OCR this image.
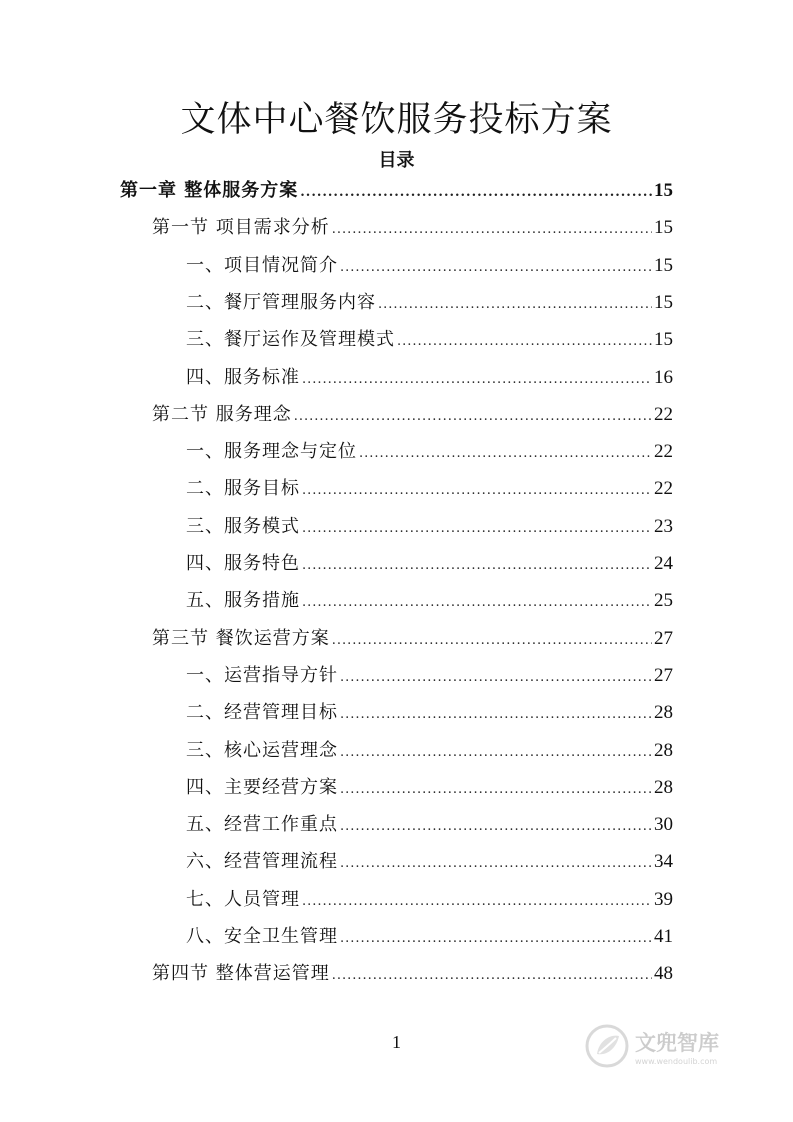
文体中心餐饮服务投标方案
目录
第一章 整体服务方案 .....	15
第一节 项目需求分析 .....	15
一、项目情况简介 .....	15
二、餐厅管理服务内容 .....	15
三、餐厅运作及管理模式 .....	15
四、服务标准 .....	16
第二节 服务理念 .....	22
一、服务理念与定位 .....	22
二、服务目标 .....	22
三、服务模式 .....	23
四、服务特色 .....	24
五、服务措施 .....	25
第三节 餐饮运营方案 .....	27
一、运营指导方针 .....	27
二、经营管理目标 .....	28
三、核心运营理念 .....	28
四、主要经营方案 .....	28
五、经营工作重点 .....	30
六、经营管理流程 .....	34
七、人员管理 .....	39
八、安全卫生管理 .....	41
第四节 整体营运管理 .....	48
1	文兜智库
www.wendoulib.com
